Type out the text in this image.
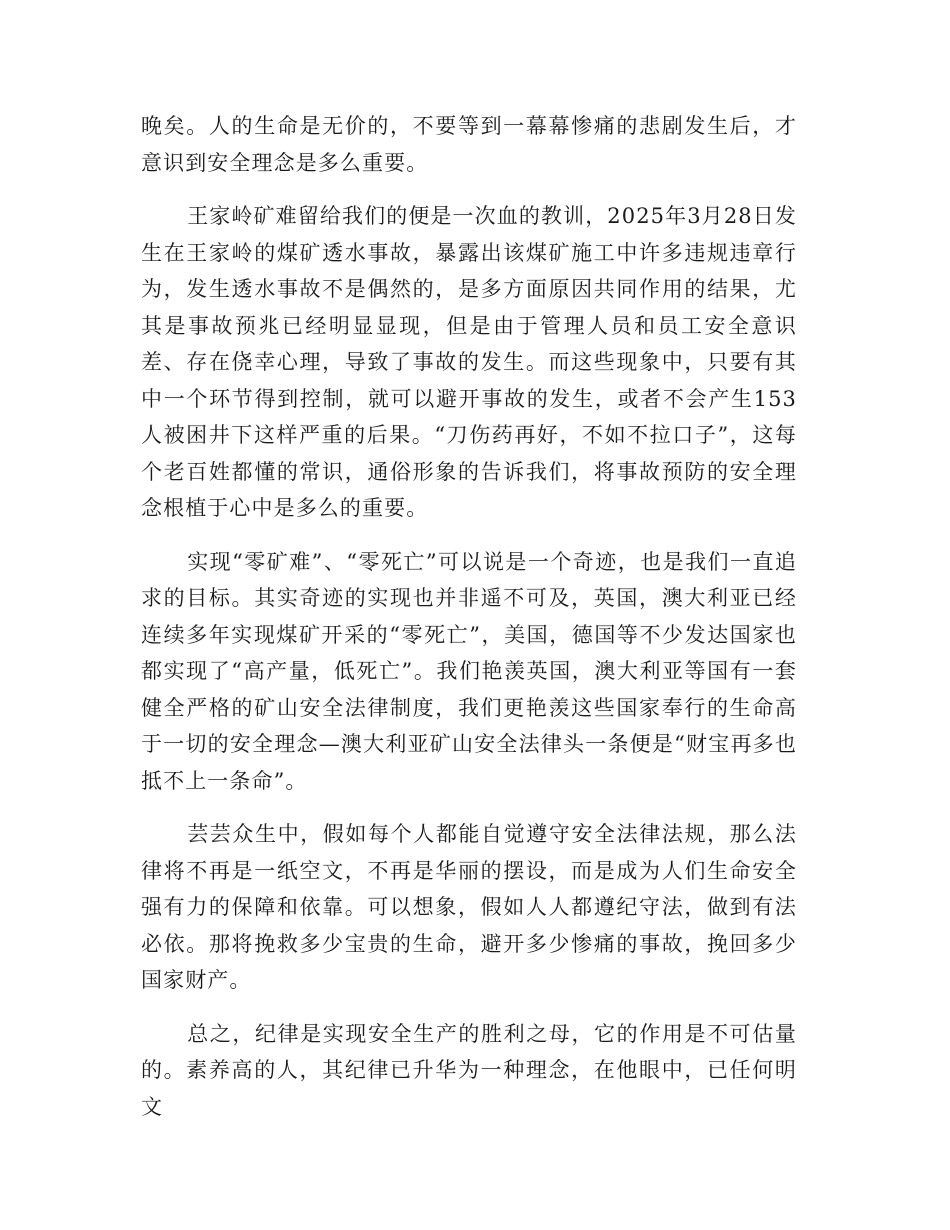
晚矣。人的生命是无价的，不要等到一幕幕惨痛的悲剧发生后，才意识到安全理念是多么重要。

王家岭矿难留给我们的便是一次血的教训，2025年3月28日发生在王家岭的煤矿透水事故，暴露出该煤矿施工中许多违规违章行为，发生透水事故不是偶然的，是多方面原因共同作用的结果，尤其是事故预兆已经明显显现，但是由于管理人员和员工安全意识差、存在侥幸心理，导致了事故的发生。而这些现象中，只要有其中一个环节得到控制，就可以避开事故的发生，或者不会产生153人被困井下这样严重的后果。“刀伤药再好，不如不拉口子”，这每个老百姓都懂的常识，通俗形象的告诉我们，将事故预防的安全理念根植于心中是多么的重要。

实现“零矿难”、“零死亡”可以说是一个奇迹，也是我们一直追求的目标。其实奇迹的实现也并非遥不可及，英国，澳大利亚已经连续多年实现煤矿开采的“零死亡”，美国，德国等不少发达国家也都实现了“高产量，低死亡”。我们艳羡英国，澳大利亚等国有一套健全严格的矿山安全法律制度，我们更艳羡这些国家奉行的生命高于一切的安全理念—澳大利亚矿山安全法律头一条便是“财宝再多也抵不上一条命”。

芸芸众生中，假如每个人都能自觉遵守安全法律法规，那么法律将不再是一纸空文，不再是华丽的摆设，而是成为人们生命安全强有力的保障和依靠。可以想象，假如人人都遵纪守法，做到有法必依。那将挽救多少宝贵的生命，避开多少惨痛的事故，挽回多少国家财产。

总之，纪律是实现安全生产的胜利之母，它的作用是不可估量的。素养高的人，其纪律已升华为一种理念，在他眼中，已任何明文
